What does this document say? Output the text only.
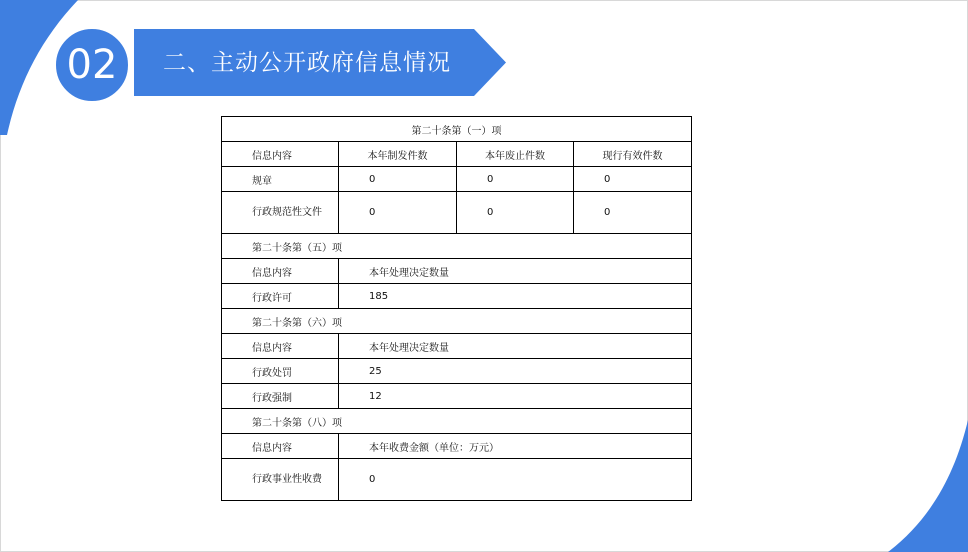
02	二、主动公开政府信息情况
第二十条第（一）项			
信息内容	本年制发件数	本年废止件数	现行有效件数
规章	0	0	0

行政规范性文件	0	0	0
第二十条第（五）项			
信息内容	本年处理决定数量		
行政许可	185		
第二十条第（六）项			
信息内容	本年处理决定数量		
行政处罚	25		
行政强制	12		
第二十条第（八）项			
信息内容	本年收费金额（单位：万元）		

行政事业性收费	0		
